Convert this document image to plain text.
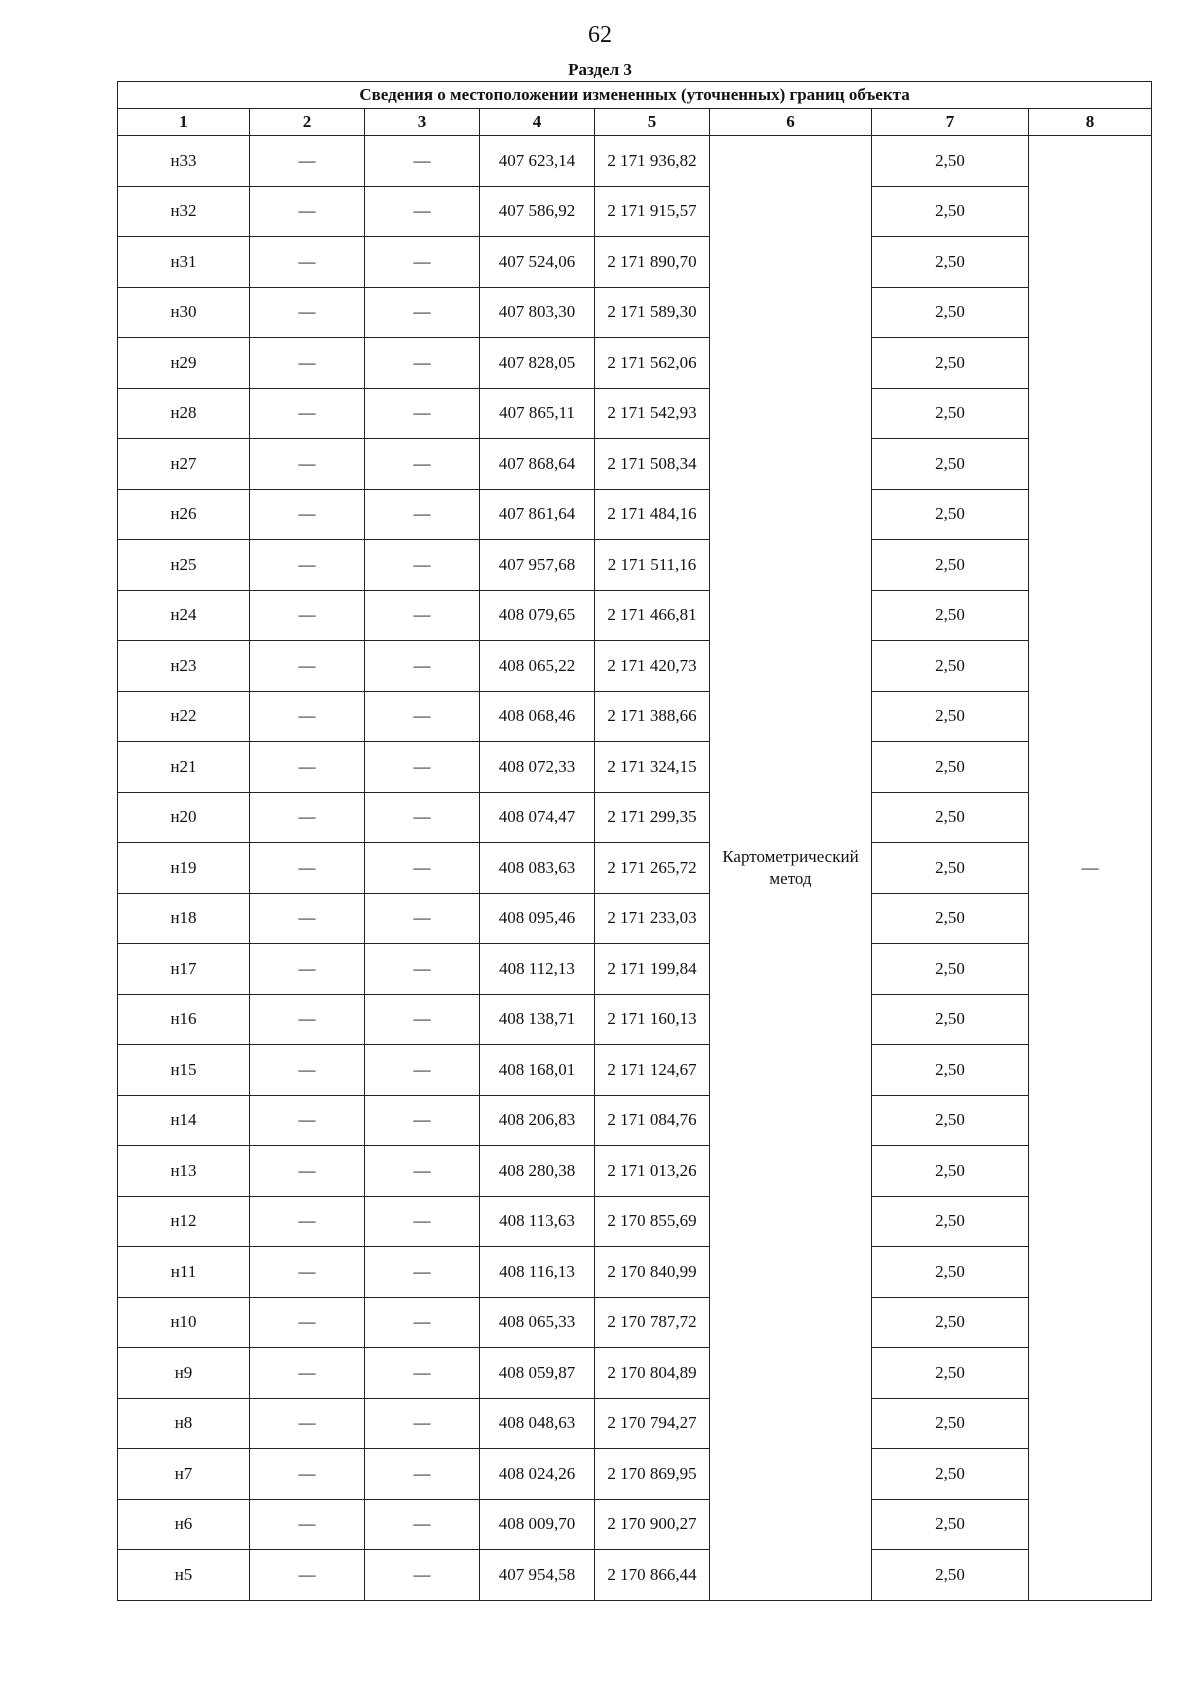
62
Раздел 3
Сведения о местоположении измененных (уточненных) границ объекта							
1	2	3	4	5	6	7	8
н33	—	—	407 623,14	2 171 936,82	Картометрический метод	2,50	—
н32	—	—	407 586,92	2 171 915,57		2,50	
н31	—	—	407 524,06	2 171 890,70		2,50	
н30	—	—	407 803,30	2 171 589,30		2,50	
н29	—	—	407 828,05	2 171 562,06		2,50	
н28	—	—	407 865,11	2 171 542,93		2,50	
н27	—	—	407 868,64	2 171 508,34		2,50	
н26	—	—	407 861,64	2 171 484,16		2,50	
н25	—	—	407 957,68	2 171 511,16		2,50	
н24	—	—	408 079,65	2 171 466,81		2,50	
н23	—	—	408 065,22	2 171 420,73		2,50	
н22	—	—	408 068,46	2 171 388,66		2,50	
н21	—	—	408 072,33	2 171 324,15		2,50	
н20	—	—	408 074,47	2 171 299,35		2,50	
н19	—	—	408 083,63	2 171 265,72		2,50	
н18	—	—	408 095,46	2 171 233,03		2,50	
н17	—	—	408 112,13	2 171 199,84		2,50	
н16	—	—	408 138,71	2 171 160,13		2,50	
н15	—	—	408 168,01	2 171 124,67		2,50	
н14	—	—	408 206,83	2 171 084,76		2,50	
н13	—	—	408 280,38	2 171 013,26		2,50	
н12	—	—	408 113,63	2 170 855,69		2,50	
н11	—	—	408 116,13	2 170 840,99		2,50	
н10	—	—	408 065,33	2 170 787,72		2,50	
н9	—	—	408 059,87	2 170 804,89		2,50	
н8	—	—	408 048,63	2 170 794,27		2,50	
н7	—	—	408 024,26	2 170 869,95		2,50	
н6	—	—	408 009,70	2 170 900,27		2,50	
н5	—	—	407 954,58	2 170 866,44		2,50	
